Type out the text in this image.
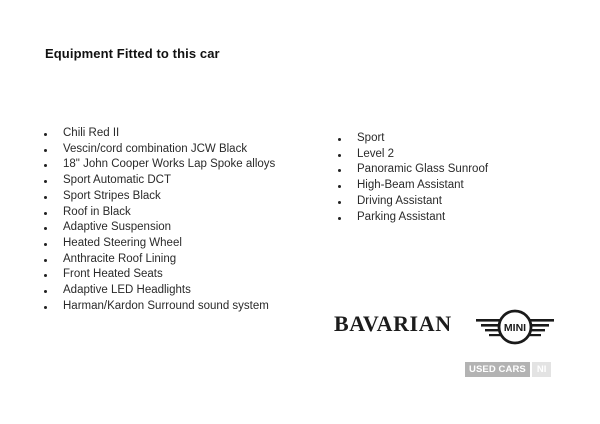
Equipment Fitted to this car
Chili Red II
Vescin/cord combination JCW Black
18" John Cooper Works Lap Spoke alloys
Sport Automatic DCT
Sport Stripes Black
Roof in Black
Adaptive Suspension
Heated Steering Wheel
Anthracite Roof Lining
Front Heated Seats
Adaptive LED Headlights
Harman/Kardon Surround sound system
Sport
Level 2
Panoramic Glass Sunroof
High-Beam Assistant
Driving Assistant
Parking Assistant
BAVARIAN	MINI
USED CARS	NI
